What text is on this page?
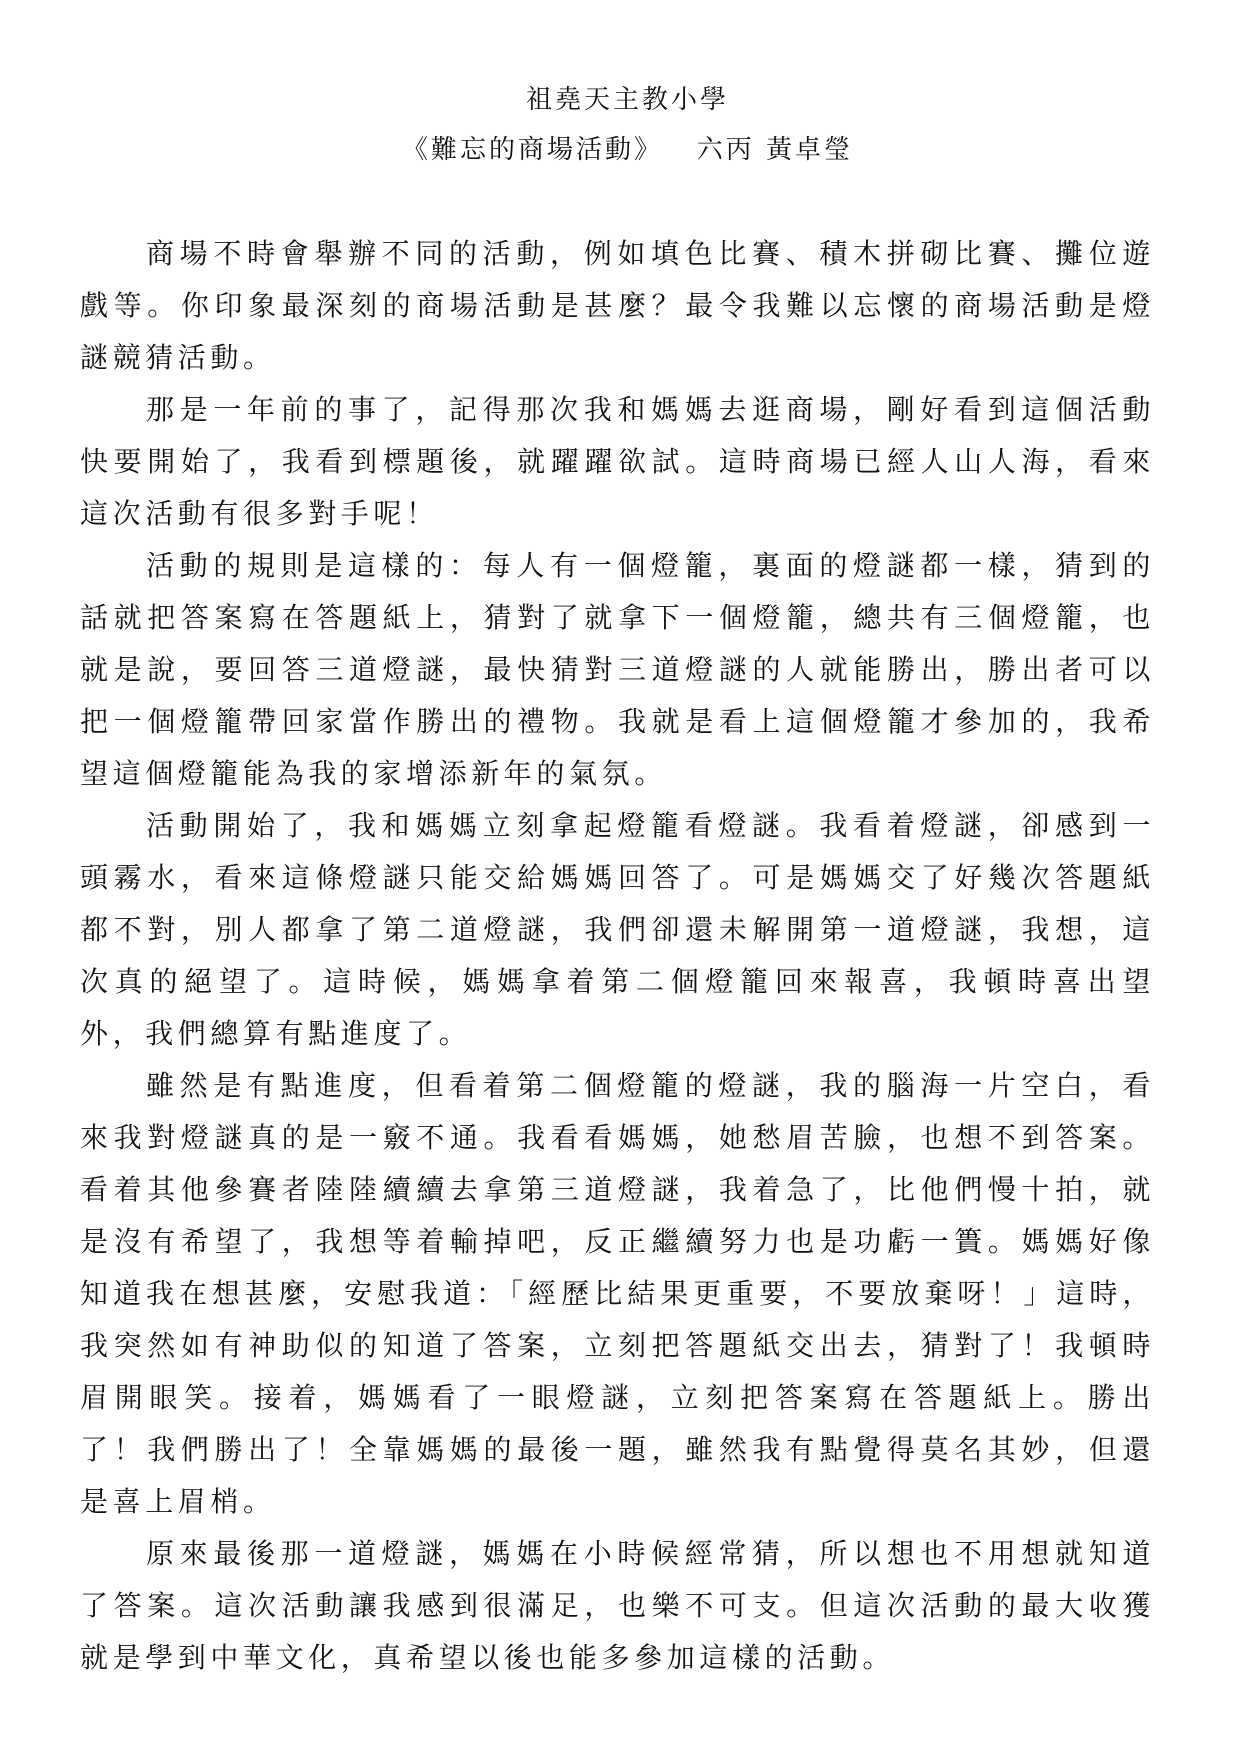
祖堯天主教小學
《難忘的商場活動》 六丙 黃卓瑩

商場不時會舉辦不同的活動，例如填色比賽、積木拼砌比賽、攤位遊戲等。你印象最深刻的商場活動是甚麼？最令我難以忘懷的商場活動是燈謎競猜活動。

那是一年前的事了，記得那次我和媽媽去逛商場，剛好看到這個活動快要開始了，我看到標題後，就躍躍欲試。這時商場已經人山人海，看來這次活動有很多對手呢！

活動的規則是這樣的：每人有一個燈籠，裏面的燈謎都一樣，猜到的話就把答案寫在答題紙上，猜對了就拿下一個燈籠，總共有三個燈籠，也就是說，要回答三道燈謎，最快猜對三道燈謎的人就能勝出，勝出者可以把一個燈籠帶回家當作勝出的禮物。我就是看上這個燈籠才參加的，我希望這個燈籠能為我的家增添新年的氣氛。

活動開始了，我和媽媽立刻拿起燈籠看燈謎。我看着燈謎，卻感到一頭霧水，看來這條燈謎只能交給媽媽回答了。可是媽媽交了好幾次答題紙都不對，別人都拿了第二道燈謎，我們卻還未解開第一道燈謎，我想，這次真的絕望了。這時候，媽媽拿着第二個燈籠回來報喜，我頓時喜出望外，我們總算有點進度了。

雖然是有點進度，但看着第二個燈籠的燈謎，我的腦海一片空白，看來我對燈謎真的是一竅不通。我看看媽媽，她愁眉苦臉，也想不到答案。看着其他參賽者陸陸續續去拿第三道燈謎，我着急了，比他們慢十拍，就是沒有希望了，我想等着輸掉吧，反正繼續努力也是功虧一簣。媽媽好像知道我在想甚麼，安慰我道：「經歷比結果更重要，不要放棄呀！」這時，我突然如有神助似的知道了答案，立刻把答題紙交出去，猜對了！我頓時眉開眼笑。接着，媽媽看了一眼燈謎，立刻把答案寫在答題紙上。勝出了！我們勝出了！全靠媽媽的最後一題，雖然我有點覺得莫名其妙，但還是喜上眉梢。

原來最後那一道燈謎，媽媽在小時候經常猜，所以想也不用想就知道了答案。這次活動讓我感到很滿足，也樂不可支。但這次活動的最大收獲就是學到中華文化，真希望以後也能多參加這樣的活動。
